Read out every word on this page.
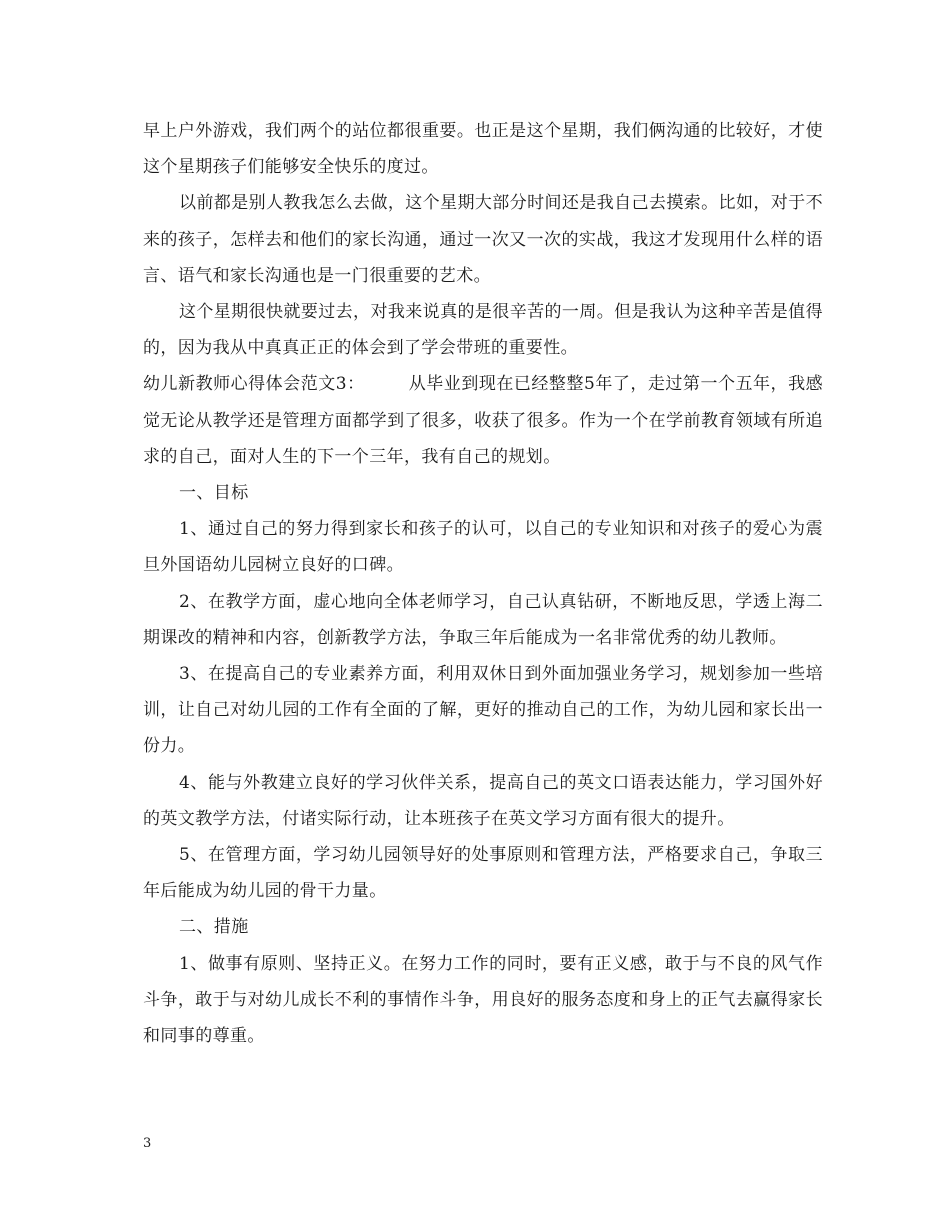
早上户外游戏，我们两个的站位都很重要。也正是这个星期，我们俩沟通的比较好，才使这个星期孩子们能够安全快乐的度过。

以前都是别人教我怎么去做，这个星期大部分时间还是我自己去摸索。比如，对于不来的孩子，怎样去和他们的家长沟通，通过一次又一次的实战，我这才发现用什么样的语言、语气和家长沟通也是一门很重要的艺术。

这个星期很快就要过去，对我来说真的是很辛苦的一周。但是我认为这种辛苦是值得的，因为我从中真真正正的体会到了学会带班的重要性。

幼儿新教师心得体会范文3：	从毕业到现在已经整整5年了，走过第一个五年，我感觉无论从教学还是管理方面都学到了很多，收获了很多。作为一个在学前教育领域有所追求的自己，面对人生的下一个三年，我有自己的规划。

一、目标

1、通过自己的努力得到家长和孩子的认可，以自己的专业知识和对孩子的爱心为震旦外国语幼儿园树立良好的口碑。

2、在教学方面，虚心地向全体老师学习，自己认真钻研，不断地反思，学透上海二期课改的精神和内容，创新教学方法，争取三年后能成为一名非常优秀的幼儿教师。

3、在提高自己的专业素养方面，利用双休日到外面加强业务学习，规划参加一些培训，让自己对幼儿园的工作有全面的了解，更好的推动自己的工作，为幼儿园和家长出一份力。

4、能与外教建立良好的学习伙伴关系，提高自己的英文口语表达能力，学习国外好的英文教学方法，付诸实际行动，让本班孩子在英文学习方面有很大的提升。

5、在管理方面，学习幼儿园领导好的处事原则和管理方法，严格要求自己，争取三年后能成为幼儿园的骨干力量。

二、措施

1、做事有原则、坚持正义。在努力工作的同时，要有正义感，敢于与不良的风气作斗争，敢于与对幼儿成长不利的事情作斗争，用良好的服务态度和身上的正气去赢得家长和同事的尊重。

3
